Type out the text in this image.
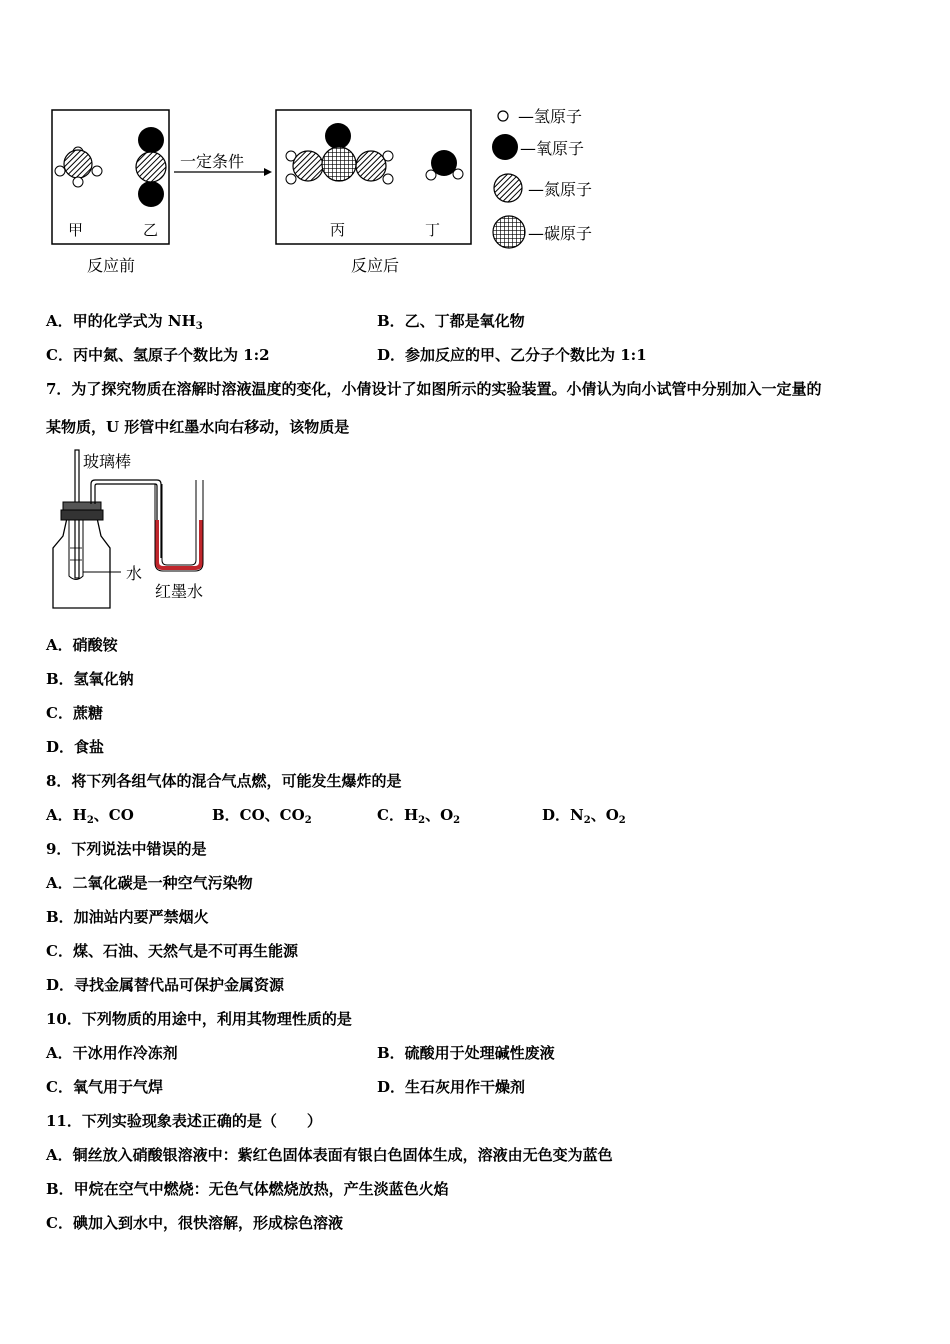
甲	乙
反应前
一定条件
丙	丁
反应后
—氢原子
—氧原子
—氮原子
—碳原子
A．甲的化学式为 $NH_3$	B．乙、丁都是氧化物
C．丙中氮、氢原子个数比为 1:2	D．参加反应的甲、乙分子个数比为 1:1
7．为了探究物质在溶解时溶液温度的变化，小倩设计了如图所示的实验装置。小倩认为向小试管中分别加入一定量的
某物质，U 形管中红墨水向右移动，该物质是
玻璃棒
水
红墨水
A．硝酸铵
B．氢氧化钠
C．蔗糖
D．食盐
8．将下列各组气体的混合气点燃，可能发生爆炸的是
A．$H_2$、CO	B．CO、$CO_2$	C．$H_2$、$O_2$	D．$N_2$、$O_2$
9．下列说法中错误的是
A．二氧化碳是一种空气污染物
B．加油站内要严禁烟火
C．煤、石油、天然气是不可再生能源
D．寻找金属替代品可保护金属资源
10．下列物质的用途中，利用其物理性质的是
A．干冰用作冷冻剂	B．硫酸用于处理碱性废液
C．氧气用于气焊	D．生石灰用作干燥剂
11．下列实验现象表述正确的是（　　）
A．铜丝放入硝酸银溶液中：紫红色固体表面有银白色固体生成，溶液由无色变为蓝色
B．甲烷在空气中燃烧：无色气体燃烧放热，产生淡蓝色火焰
C．碘加入到水中，很快溶解，形成棕色溶液
